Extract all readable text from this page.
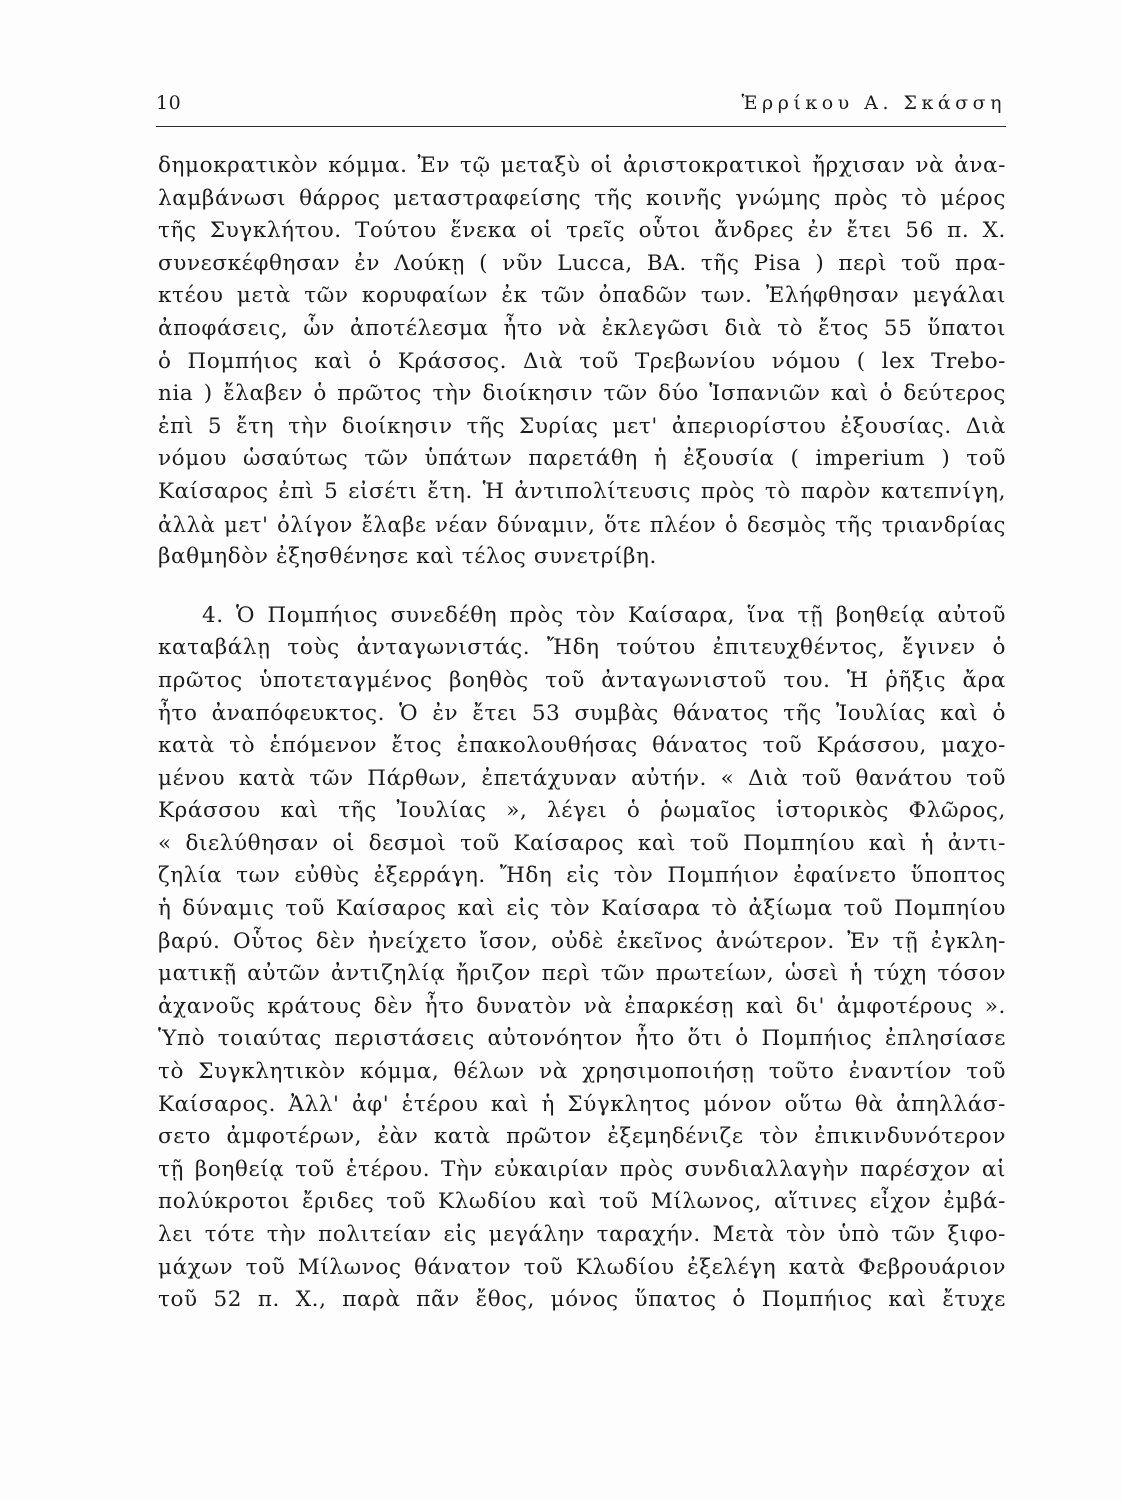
10	Ἑρρίκου Α. Σκάσση
δημοκρατικὸν κόμμα. Ἐν τῷ μεταξὺ οἱ ἀριστοκρατικοὶ ἤρχισαν νὰ ἀνα-
λαμβάνωσι θάρρος μεταστραφείσης τῆς κοινῆς γνώμης πρὸς τὸ μέρος
τῆς Συγκλήτου. Τούτου ἕνεκα οἱ τρεῖς οὗτοι ἄνδρες ἐν ἔτει 56 π. Χ.
συνεσκέφθησαν ἐν Λούκῃ ( νῦν Lucca, ΒΑ. τῆς Pisa ) περὶ τοῦ πρα-
κτέου μετὰ τῶν κορυφαίων ἐκ τῶν ὀπαδῶν των. Ἐλήφθησαν μεγάλαι
ἀποφάσεις, ὧν ἀποτέλεσμα ἦτο νὰ ἐκλεγῶσι διὰ τὸ ἔτος 55 ὕπατοι
ὁ Πομπήιος καὶ ὁ Κράσσος. Διὰ τοῦ Τρεβωνίου νόμου ( lex Trebo-
nia ) ἔλαβεν ὁ πρῶτος τὴν διοίκησιν τῶν δύο Ἱσπανιῶν καὶ ὁ δεύτερος
ἐπὶ 5 ἔτη τὴν διοίκησιν τῆς Συρίας μετ' ἀπεριορίστου ἐξουσίας. Διὰ
νόμου ὡσαύτως τῶν ὑπάτων παρετάθη ἡ ἐξουσία ( imperium ) τοῦ
Καίσαρος ἐπὶ 5 εἰσέτι ἔτη. Ἡ ἀντιπολίτευσις πρὸς τὸ παρὸν κατεπνίγη,
ἀλλὰ μετ' ὀλίγον ἔλαβε νέαν δύναμιν, ὅτε πλέον ὁ δεσμὸς τῆς τριανδρίας
βαθμηδὸν ἐξησθένησε καὶ τέλος συνετρίβη.
4. Ὁ Πομπήιος συνεδέθη πρὸς τὸν Καίσαρα, ἵνα τῇ βοηθείᾳ αὐτοῦ
καταβάλῃ τοὺς ἀνταγωνιστάς. Ἤδη τούτου ἐπιτευχθέντος, ἔγινεν ὁ
πρῶτος ὑποτεταγμένος βοηθὸς τοῦ ἀνταγωνιστοῦ του. Ἡ ῥῆξις ἄρα
ἦτο ἀναπόφευκτος. Ὁ ἐν ἔτει 53 συμβὰς θάνατος τῆς Ἰουλίας καὶ ὁ
κατὰ τὸ ἑπόμενον ἔτος ἐπακολουθήσας θάνατος τοῦ Κράσσου, μαχο-
μένου κατὰ τῶν Πάρθων, ἐπετάχυναν αὐτήν. « Διὰ τοῦ θανάτου τοῦ
Κράσσου καὶ τῆς Ἰουλίας », λέγει ὁ ῥωμαῖος ἱστορικὸς Φλῶρος,
« διελύθησαν οἱ δεσμοὶ τοῦ Καίσαρος καὶ τοῦ Πομπηίου καὶ ἡ ἀντι-
ζηλία των εὐθὺς ἐξερράγη. Ἤδη εἰς τὸν Πομπήιον ἐφαίνετο ὕποπτος
ἡ δύναμις τοῦ Καίσαρος καὶ εἰς τὸν Καίσαρα τὸ ἀξίωμα τοῦ Πομπηίου
βαρύ. Οὗτος δὲν ἠνείχετο ἴσον, οὐδὲ ἐκεῖνος ἀνώτερον. Ἐν τῇ ἐγκλη-
ματικῇ αὐτῶν ἀντιζηλίᾳ ἤριζον περὶ τῶν πρωτείων, ὡσεὶ ἡ τύχη τόσον
ἀχανοῦς κράτους δὲν ἦτο δυνατὸν νὰ ἐπαρκέσῃ καὶ δι' ἀμφοτέρους ».
Ὑπὸ τοιαύτας περιστάσεις αὐτονόητον ἦτο ὅτι ὁ Πομπήιος ἐπλησίασε
τὸ Συγκλητικὸν κόμμα, θέλων νὰ χρησιμοποιήσῃ τοῦτο ἐναντίον τοῦ
Καίσαρος. Ἀλλ' ἀφ' ἑτέρου καὶ ἡ Σύγκλητος μόνον οὕτω θὰ ἀπηλλάσ-
σετο ἀμφοτέρων, ἐὰν κατὰ πρῶτον ἐξεμηδένιζε τὸν ἐπικινδυνότερον
τῇ βοηθείᾳ τοῦ ἑτέρου. Τὴν εὐκαιρίαν πρὸς συνδιαλλαγὴν παρέσχον αἱ
πολύκροτοι ἔριδες τοῦ Κλωδίου καὶ τοῦ Μίλωνος, αἵτινες εἶχον ἐμβά-
λει τότε τὴν πολιτείαν εἰς μεγάλην ταραχήν. Μετὰ τὸν ὑπὸ τῶν ξιφο-
μάχων τοῦ Μίλωνος θάνατον τοῦ Κλωδίου ἐξελέγη κατὰ Φεβρουάριον
τοῦ 52 π. Χ., παρὰ πᾶν ἔθος, μόνος ὕπατος ὁ Πομπήιος καὶ ἔτυχε
